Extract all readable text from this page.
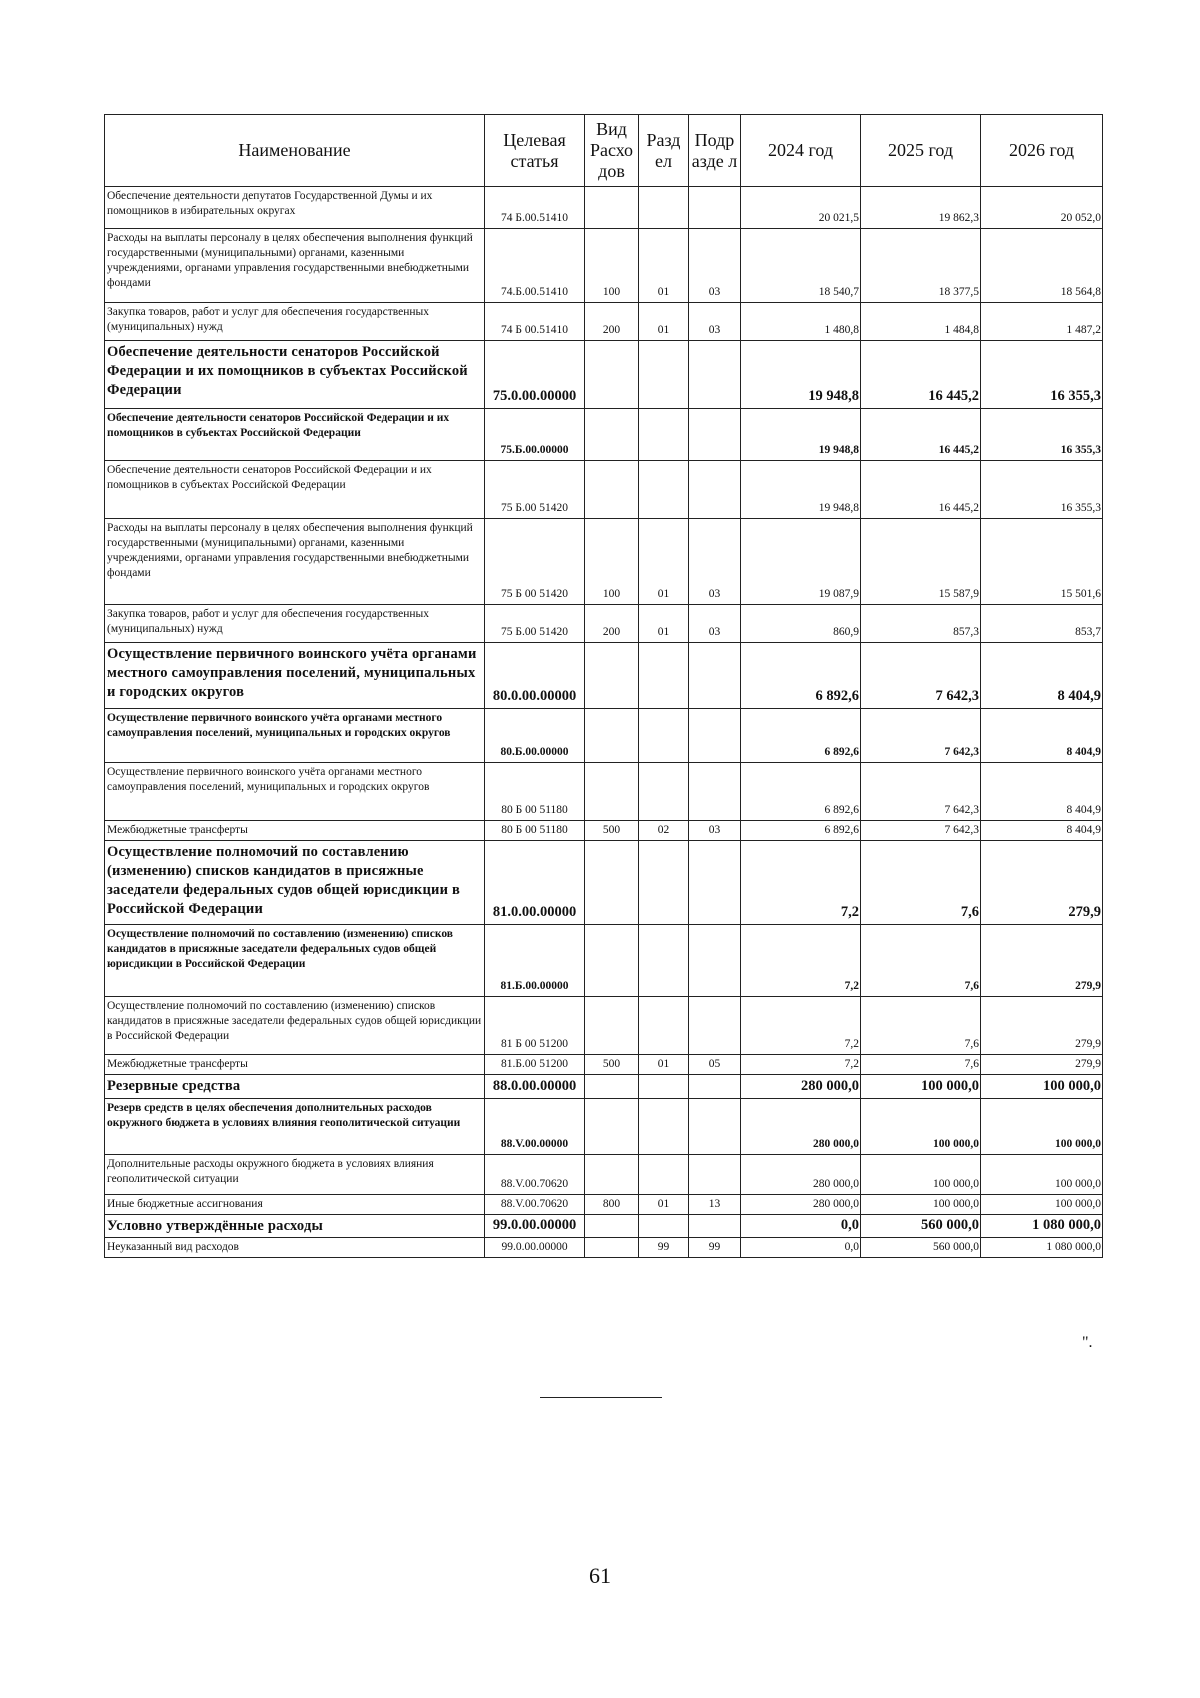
Наименование	Целевая статья	Вид Расхо дов	Разд ел	Подр азде л	2024 год	2025 год	2026 год
Обеспечение деятельности депутатов Государственной Думы и их помощников в избирательных округах	74 Б.00.51410				20 021,5	19 862,3	20 052,0
Расходы на выплаты персоналу в целях обеспечения выполнения функций государственными (муниципальными) органами, казенными учреждениями, органами управления государственными внебюджетными фондами	74.Б.00.51410	100	01	03	18 540,7	18 377,5	18 564,8
Закупка товаров, работ и услуг для обеспечения государственных (муниципальных) нужд	74 Б 00.51410	200	01	03	1 480,8	1 484,8	1 487,2
Обеспечение деятельности сенаторов Российской Федерации и их помощников в субъектах Российской Федерации	75.0.00.00000				19 948,8	16 445,2	16 355,3
Обеспечение деятельности сенаторов Российской Федерации и их помощников в субъектах Российской Федерации	75.Б.00.00000				19 948,8	16 445,2	16 355,3
Обеспечение деятельности сенаторов Российской Федерации и их помощников в субъектах Российской Федерации	75 Б.00 51420				19 948,8	16 445,2	16 355,3
Расходы на выплаты персоналу в целях обеспечения выполнения функций государственными (муниципальными) органами, казенными учреждениями, органами управления государственными внебюджетными фондами	75 Б 00 51420	100	01	03	19 087,9	15 587,9	15 501,6
Закупка товаров, работ и услуг для обеспечения государственных (муниципальных) нужд	75 Б.00 51420	200	01	03	860,9	857,3	853,7
Осуществление первичного воинского учёта органами местного самоуправления поселений, муниципальных и городских округов	80.0.00.00000				6 892,6	7 642,3	8 404,9
Осуществление первичного воинского учёта органами местного самоуправления поселений, муниципальных и городских округов	80.Б.00.00000				6 892,6	7 642,3	8 404,9
Осуществление первичного воинского учёта органами местного самоуправления поселений, муниципальных и городских округов	80 Б 00 51180				6 892,6	7 642,3	8 404,9
Межбюджетные трансферты	80 Б 00 51180	500	02	03	6 892,6	7 642,3	8 404,9
Осуществление полномочий по составлению (изменению) списков кандидатов в присяжные заседатели федеральных судов общей юрисдикции в Российской Федерации	81.0.00.00000				7,2	7,6	279,9
Осуществление полномочий по составлению (изменению) списков кандидатов в присяжные заседатели федеральных судов общей юрисдикции в Российской Федерации	81.Б.00.00000				7,2	7,6	279,9
Осуществление полномочий по составлению (изменению) списков кандидатов в присяжные заседатели федеральных судов общей юрисдикции в Российской Федерации	81 Б 00 51200				7,2	7,6	279,9
Межбюджетные трансферты	81.Б.00 51200	500	01	05	7,2	7,6	279,9
Резервные средства	88.0.00.00000				280 000,0	100 000,0	100 000,0
Резерв средств в целях обеспечения дополнительных расходов окружного бюджета в условиях влияния геополитической ситуации	88.V.00.00000				280 000,0	100 000,0	100 000,0
Дополнительные расходы окружного бюджета в условиях влияния геополитической ситуации	88.V.00.70620				280 000,0	100 000,0	100 000,0
Иные бюджетные ассигнования	88.V.00.70620	800	01	13	280 000,0	100 000,0	100 000,0
Условно утверждённые расходы	99.0.00.00000				0,0	560 000,0	1 080 000,0
Неуказанный вид расходов	99.0.00.00000		99	99	0,0	560 000,0	1 080 000,0
".
61
